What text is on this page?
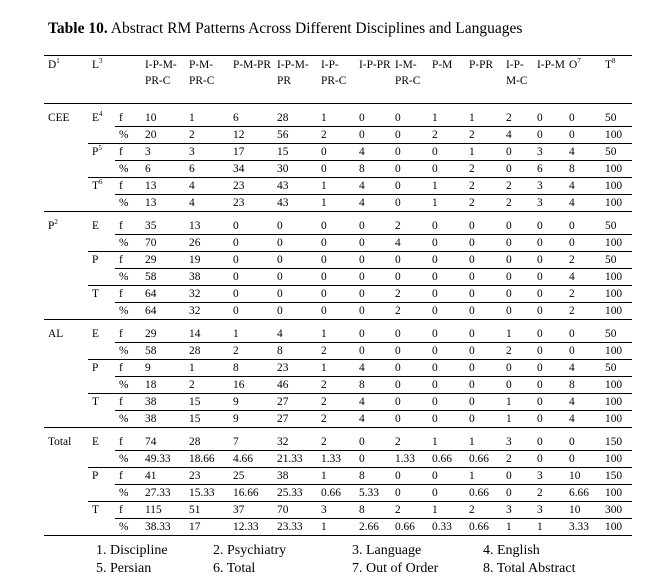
Table 10. Abstract RM Patterns Across Different Disciplines and Languages
$D^1$	$L^3$		I-P-M-PR-C	P-M-PR-C	P-M-PR	I-P-M-PR	I-P-PR-C	I-P-PR	I-M-PR-C	P-M	P-PR	I-P-M-C	I-P-M	$O^7$	$T^8$
CEE	$E^4$	f	10	1	6	28	1	0	0	1	1	2	0	0	50
		%	20	2	12	56	2	0	0	2	2	4	0	0	100
	$P^5$	f	3	3	17	15	0	4	0	0	1	0	3	4	50
		%	6	6	34	30	0	8	0	0	2	0	6	8	100
	$T^6$	f	13	4	23	43	1	4	0	1	2	2	3	4	100
		%	13	4	23	43	1	4	0	1	2	2	3	4	100
$P^2$	E	f	35	13	0	0	0	0	2	0	0	0	0	0	50
		%	70	26	0	0	0	0	4	0	0	0	0	0	100
	P	f	29	19	0	0	0	0	0	0	0	0	0	2	50
		%	58	38	0	0	0	0	0	0	0	0	0	4	100
	T	f	64	32	0	0	0	0	2	0	0	0	0	2	100
		%	64	32	0	0	0	0	2	0	0	0	0	2	100
AL	E	f	29	14	1	4	1	0	0	0	0	1	0	0	50
		%	58	28	2	8	2	0	0	0	0	2	0	0	100
	P	f	9	1	8	23	1	4	0	0	0	0	0	4	50
		%	18	2	16	46	2	8	0	0	0	0	0	8	100
	T	f	38	15	9	27	2	4	0	0	0	1	0	4	100
		%	38	15	9	27	2	4	0	0	0	1	0	4	100
Total	E	f	74	28	7	32	2	0	2	1	1	3	0	0	150
		%	49.33	18.66	4.66	21.33	1.33	0	1.33	0.66	0.66	2	0	0	100
	P	f	41	23	25	38	1	8	0	0	1	0	3	10	150
		%	27.33	15.33	16.66	25.33	0.66	5.33	0	0	0.66	0	2	6.66	100
	T	f	115	51	37	70	3	8	2	1	2	3	3	10	300
		%	38.33	17	12.33	23.33	1	2.66	0.66	0.33	0.66	1	1	3.33	100
1. Discipline	2. Psychiatry	3. Language	4. English
5. Persian	6. Total	7. Out of Order	8. Total Abstract
